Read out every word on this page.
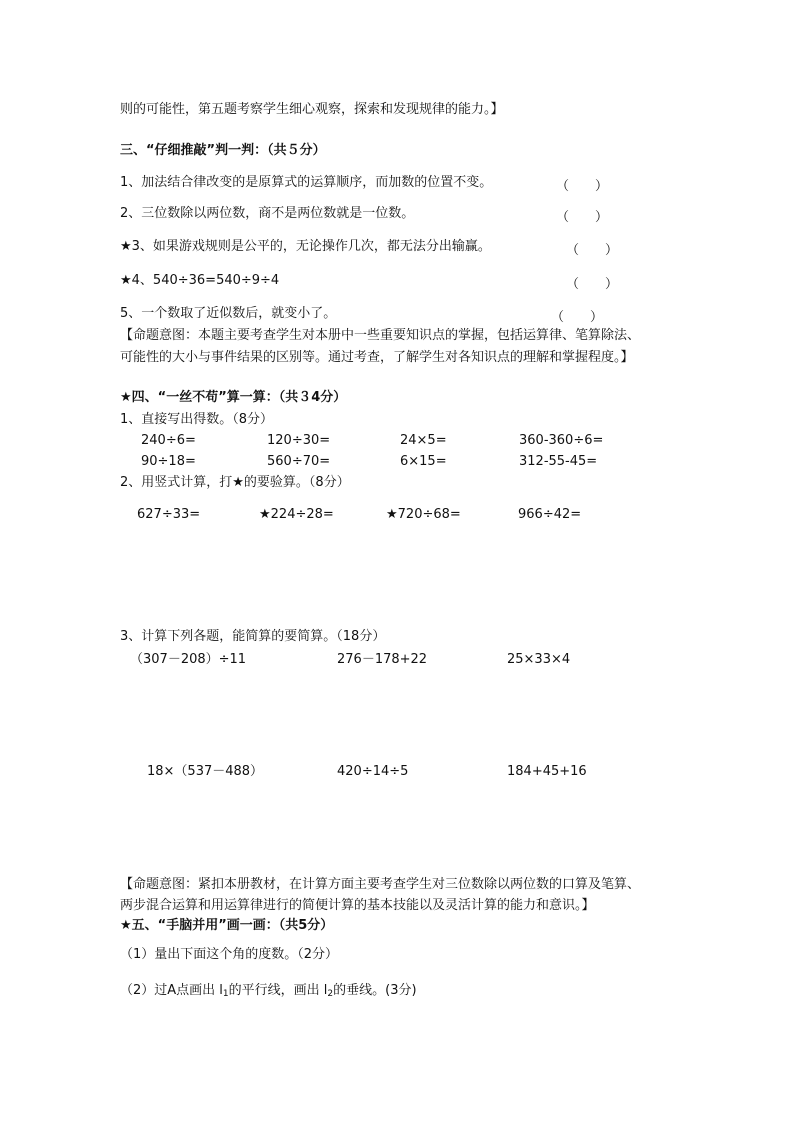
则的可能性，第五题考察学生细心观察，探索和发现规律的能力。】
三、“仔细推敲”判一判：（共５分）
1、加法结合律改变的是原算式的运算顺序，而加数的位置不变。	（　　）
2、三位数除以两位数，商不是两位数就是一位数。	（　　）
★3、如果游戏规则是公平的，无论操作几次，都无法分出输赢。	（　　）
★4、540÷36=540÷9÷4	（　　）
5、一个数取了近似数后，就变小了。	（　　）
【命题意图：本题主要考查学生对本册中一些重要知识点的掌握，包括运算律、笔算除法、
可能性的大小与事件结果的区别等。通过考查，了解学生对各知识点的理解和掌握程度。】
★四、“一丝不苟”算一算：（共３4分）
1、直接写出得数。（8分）
240÷6=	120÷30=	24×5=	360-360÷6=
90÷18=	560÷70=	6×15=	312-55-45=
2、用竖式计算，打★的要验算。（8分）
627÷33=	★224÷28=	★720÷68=	966÷42=
3、计算下列各题，能简算的要简算。（18分）
（307－208）÷11	276－178+22	25×33×4
18×（537－488）	420÷14÷5	184+45+16
【命题意图：紧扣本册教材，在计算方面主要考查学生对三位数除以两位数的口算及笔算、
两步混合运算和用运算律进行的简便计算的基本技能以及灵活计算的能力和意识。】
★五、“手脑并用”画一画：（共5分）
（1）量出下面这个角的度数。（2分）
（2）过A点画出 $l_1$的平行线，画出 $l_2$的垂线。(3分)
